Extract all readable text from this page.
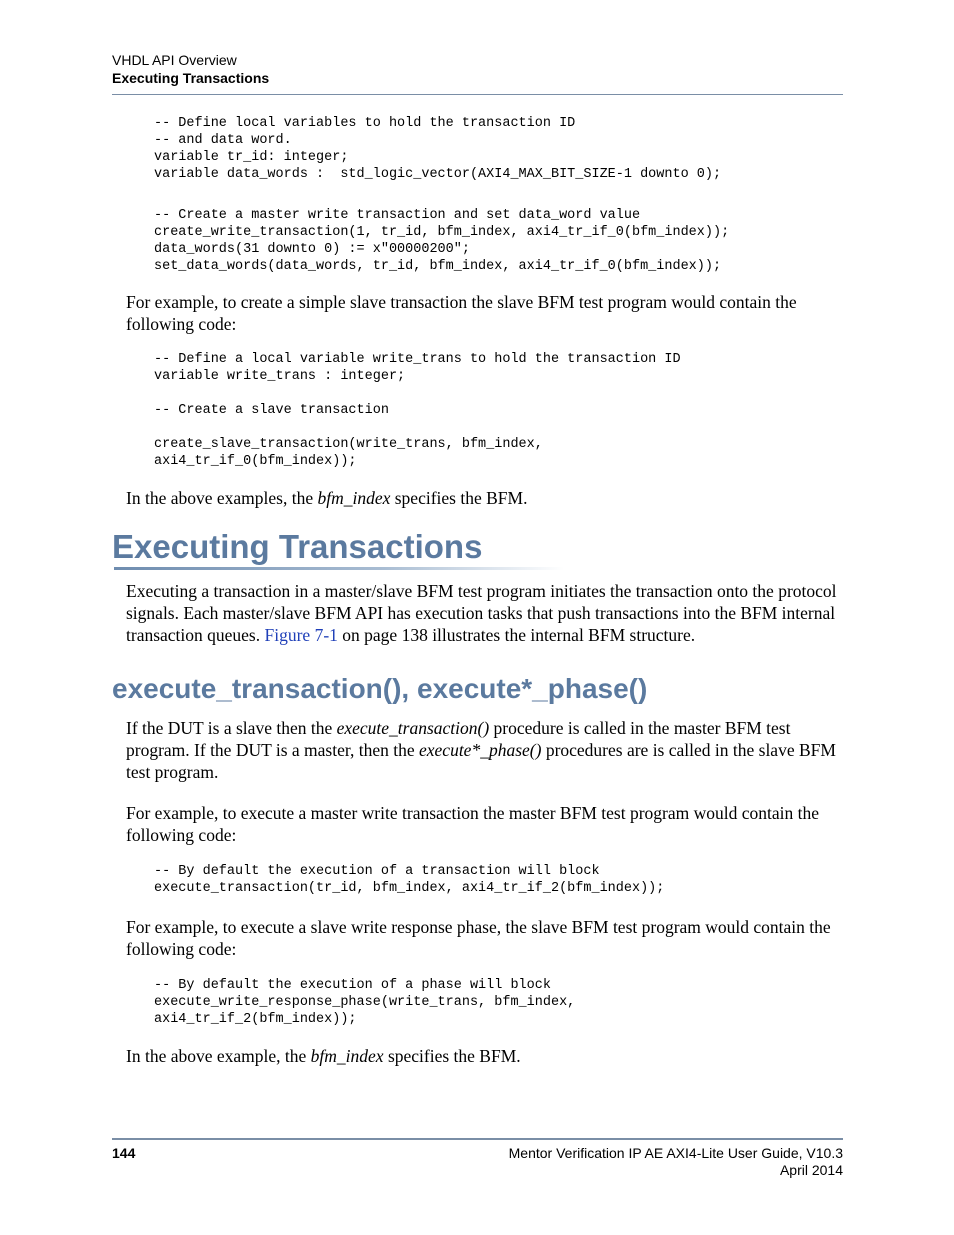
VHDL API Overview
Executing Transactions
-- Define local variables to hold the transaction ID
-- and data word.
variable tr_id: integer;
variable data_words :  std_logic_vector(AXI4_MAX_BIT_SIZE-1 downto 0);
-- Create a master write transaction and set data_word value
create_write_transaction(1, tr_id, bfm_index, axi4_tr_if_0(bfm_index));
data_words(31 downto 0) := x"00000200";
set_data_words(data_words, tr_id, bfm_index, axi4_tr_if_0(bfm_index));

For example, to create a simple slave transaction the slave BFM test program would contain the following code:

-- Define a local variable write_trans to hold the transaction ID
variable write_trans : integer;

-- Create a slave transaction

create_slave_transaction(write_trans, bfm_index,
axi4_tr_if_0(bfm_index));

In the above examples, the bfm_index specifies the BFM.

Executing Transactions

Executing a transaction in a master/slave BFM test program initiates the transaction onto the protocol signals. Each master/slave BFM API has execution tasks that push transactions into the BFM internal transaction queues. Figure 7-1 on page 138 illustrates the internal BFM structure.

execute_transaction(), execute*_phase()

If the DUT is a slave then the execute_transaction() procedure is called in the master BFM test program. If the DUT is a master, then the execute*_phase() procedures are is called in the slave BFM test program.

For example, to execute a master write transaction the master BFM test program would contain the following code:

-- By default the execution of a transaction will block
execute_transaction(tr_id, bfm_index, axi4_tr_if_2(bfm_index));

For example, to execute a slave write response phase, the slave BFM test program would contain the following code:

-- By default the execution of a phase will block
execute_write_response_phase(write_trans, bfm_index,
axi4_tr_if_2(bfm_index));

In the above example, the bfm_index specifies the BFM.

144	Mentor Verification IP AE AXI4-Lite User Guide, V10.3
April 2014
